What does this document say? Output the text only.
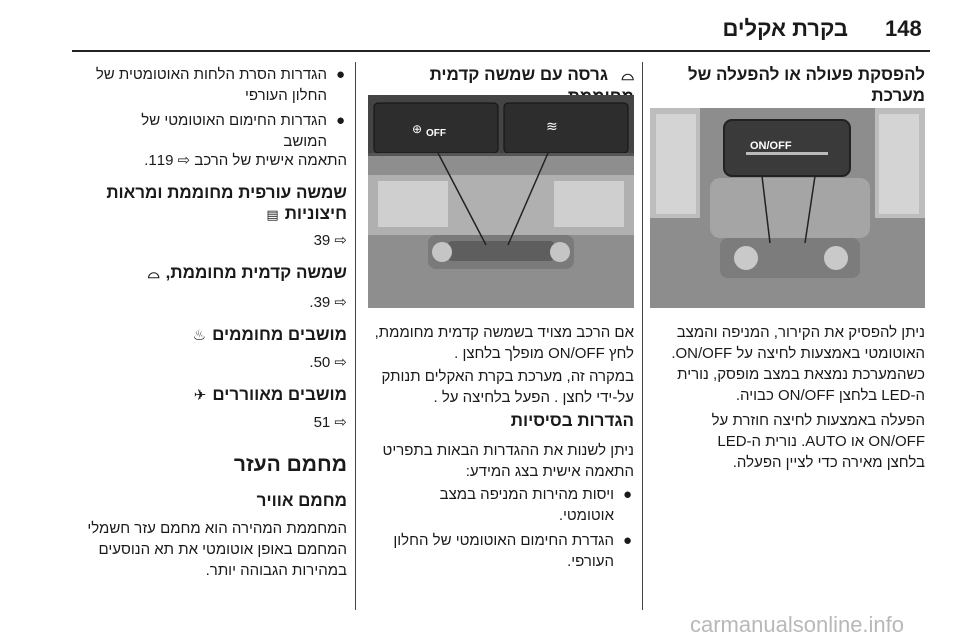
148
בקרת אקלים
להפסקת פעולה או להפעלה של מערכת
ON/OFF
ניתן להפסיק את הקירור, המניפה והמצב
האוטומטי באמצעות לחיצה על ON/OFF.
כשהמערכת נמצאת במצב מופסק, נורית
ה-LED בלחצן ON/OFF כבויה.
הפעלה באמצעות לחיצה חוזרת על
ON/OFF או AUTO. נורית ה-LED
בלחצן מאירה כדי לציין הפעלה.
⌓גרסה עם שמשה קדמית
⊕	≋
OFF
אם הרכב מצויד בשמשה קדמית מחוממת,
לחץ ON/OFF מופלך בלחצן .
במקרה זה, מערכת בקרת האקלים תנותק
על-ידי לחצן . הפעל בלחיצה על .
הגדרות בסיסיות
ניתן לשנות את ההגדרות הבאות בתפריט
התאמה אישית בצג המידע:
●
ויסות מהירות המניפה במצב
אוטומטי.
●
הגדרת החימום האוטומטי של החלון
העורפי.
●
הגדרות הסרת הלחות האוטומטית של
החלון העורפי
●
הגדרות החימום האוטומטי של
המושב
התאמה אישית של הרכב ⇨ 119.
שמשה עורפית מחוממת ומראות
חיצוניות▤
⇨ 39
שמשה קדמית מחוממת,⌓
⇨ 39.
מושבים מחוממים♨
⇨ 50.
מושבים מאווררים✈
⇨ 51
מחמם העזר
מחמם אוויר
המחממת המהירה הוא מחמם עזר חשמלי
המחמם באופן אוטומטי את תא הנוסעים
במהירות הגבוהה יותר.
carmanualsonline.info
